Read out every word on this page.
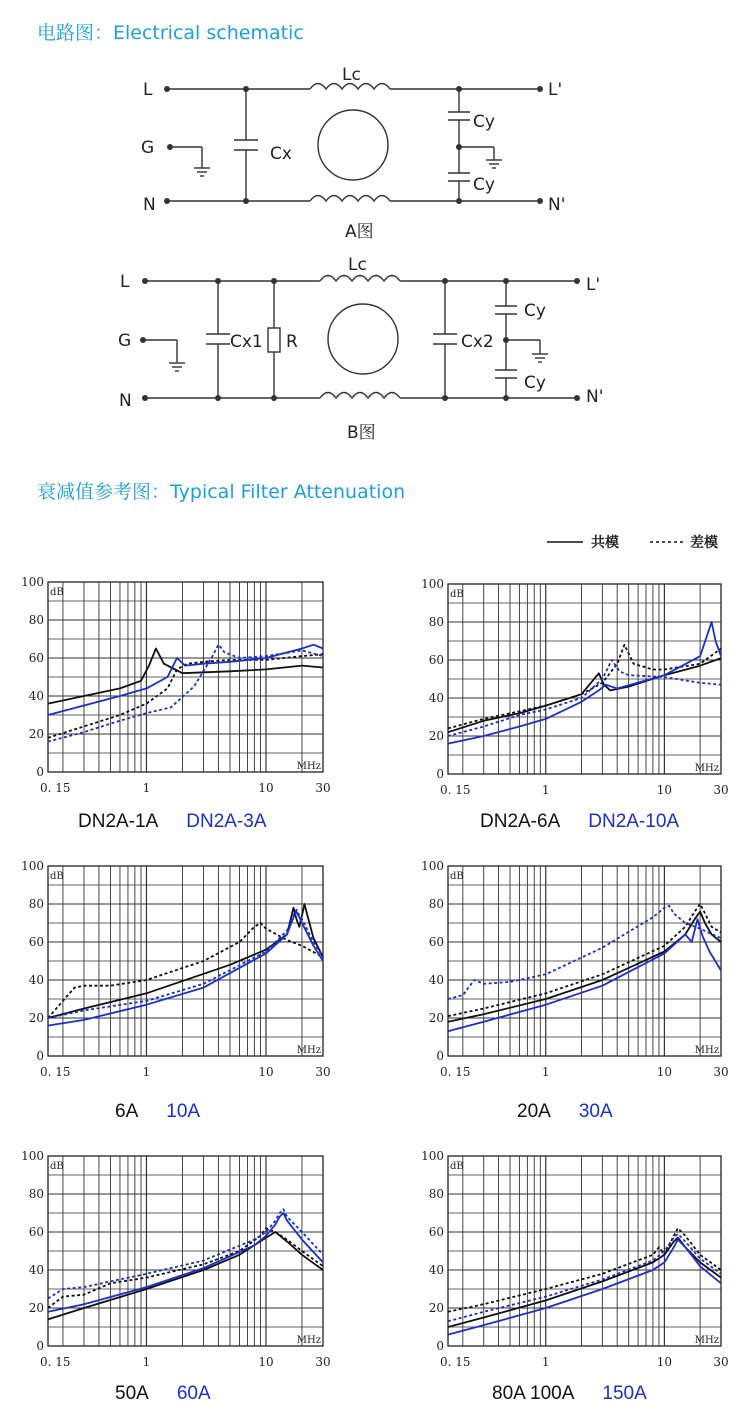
电路图：Electrical schematic
衰减值参考图：Typical Filter Attenuation
L
G
N
Lc
Cx
Cy
Cy
L'
N'
A图
L
G
N
Lc
Cx1 R	Cx2
Cy
Cy
L'
N'
B图
共模	差模
0
20
40
60
80
100
0. 15	1	10	30
dB
MHz
DN2A-1A DN2A-3A
0
20
40
60
80
100
0. 15	1	10	30
dB
MHz
DN2A-6A DN2A-10A
0
20
40
60
80
100
0. 15	1	10	30
dB
MHz
6A 10A
0
20
40
60
80
100
0. 15	1	10	30
dB
MHz
20A 30A
0
20
40
60
80
100
0. 15	1	10	30
dB
MHz
50A 60A
0
20
40
60
80
100
0. 15	1	10	30
dB
MHz
80A 100A 150A
